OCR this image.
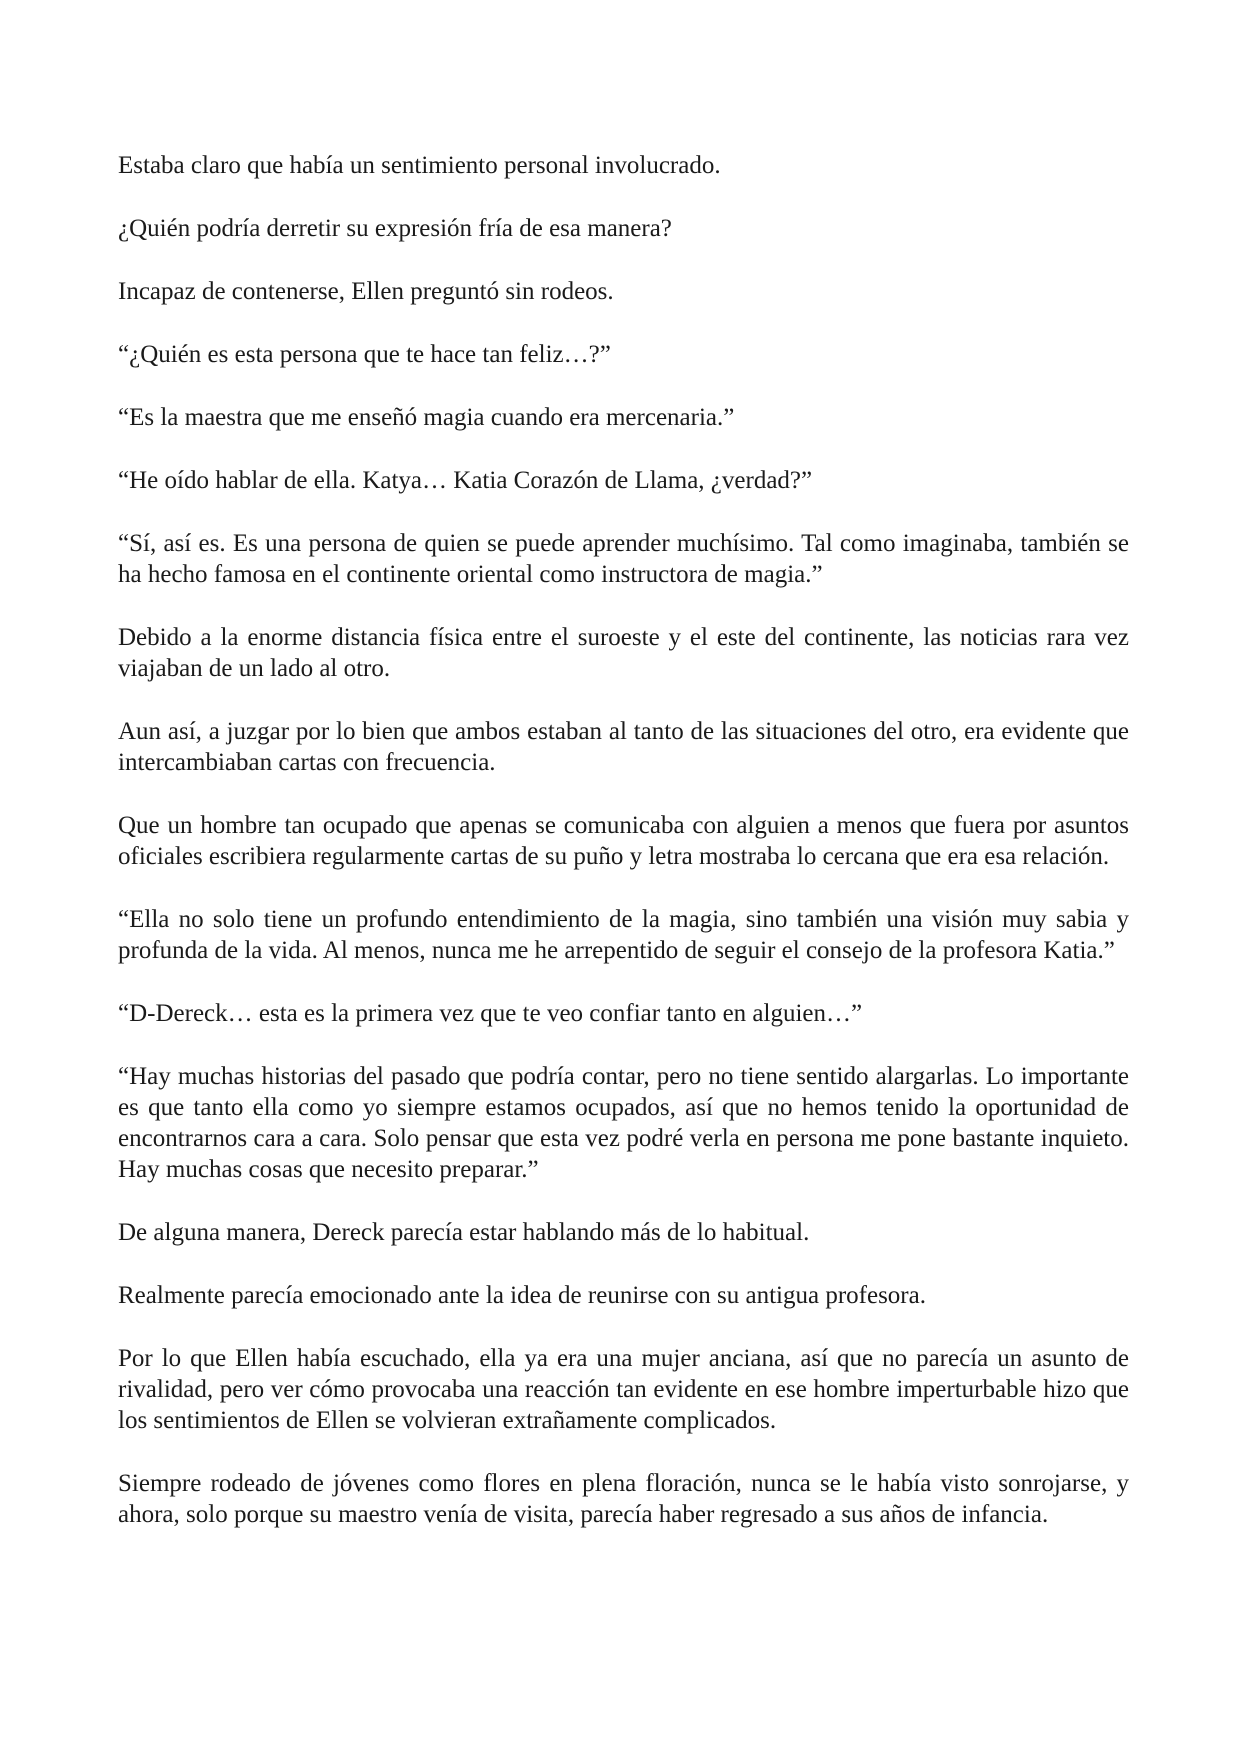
Estaba claro que había un sentimiento personal involucrado.

¿Quién podría derretir su expresión fría de esa manera?

Incapaz de contenerse, Ellen preguntó sin rodeos.

“¿Quién es esta persona que te hace tan feliz…?”

“Es la maestra que me enseñó magia cuando era mercenaria.”

“He oído hablar de ella. Katya… Katia Corazón de Llama, ¿verdad?”

“Sí, así es. Es una persona de quien se puede aprender muchísimo. Tal como imaginaba, también se ha hecho famosa en el continente oriental como instructora de magia.”

Debido a la enorme distancia física entre el suroeste y el este del continente, las noticias rara vez viajaban de un lado al otro.

Aun así, a juzgar por lo bien que ambos estaban al tanto de las situaciones del otro, era evidente que intercambiaban cartas con frecuencia.

Que un hombre tan ocupado que apenas se comunicaba con alguien a menos que fuera por asuntos oficiales escribiera regularmente cartas de su puño y letra mostraba lo cercana que era esa relación.

“Ella no solo tiene un profundo entendimiento de la magia, sino también una visión muy sabia y profunda de la vida. Al menos, nunca me he arrepentido de seguir el consejo de la profesora Katia.”

“D-Dereck… esta es la primera vez que te veo confiar tanto en alguien…”

“Hay muchas historias del pasado que podría contar, pero no tiene sentido alargarlas. Lo importante es que tanto ella como yo siempre estamos ocupados, así que no hemos tenido la oportunidad de encontrarnos cara a cara. Solo pensar que esta vez podré verla en persona me pone bastante inquieto. Hay muchas cosas que necesito preparar.”

De alguna manera, Dereck parecía estar hablando más de lo habitual.

Realmente parecía emocionado ante la idea de reunirse con su antigua profesora.

Por lo que Ellen había escuchado, ella ya era una mujer anciana, así que no parecía un asunto de rivalidad, pero ver cómo provocaba una reacción tan evidente en ese hombre imperturbable hizo que los sentimientos de Ellen se volvieran extrañamente complicados.

Siempre rodeado de jóvenes como flores en plena floración, nunca se le había visto sonrojarse, y ahora, solo porque su maestro venía de visita, parecía haber regresado a sus años de infancia.
